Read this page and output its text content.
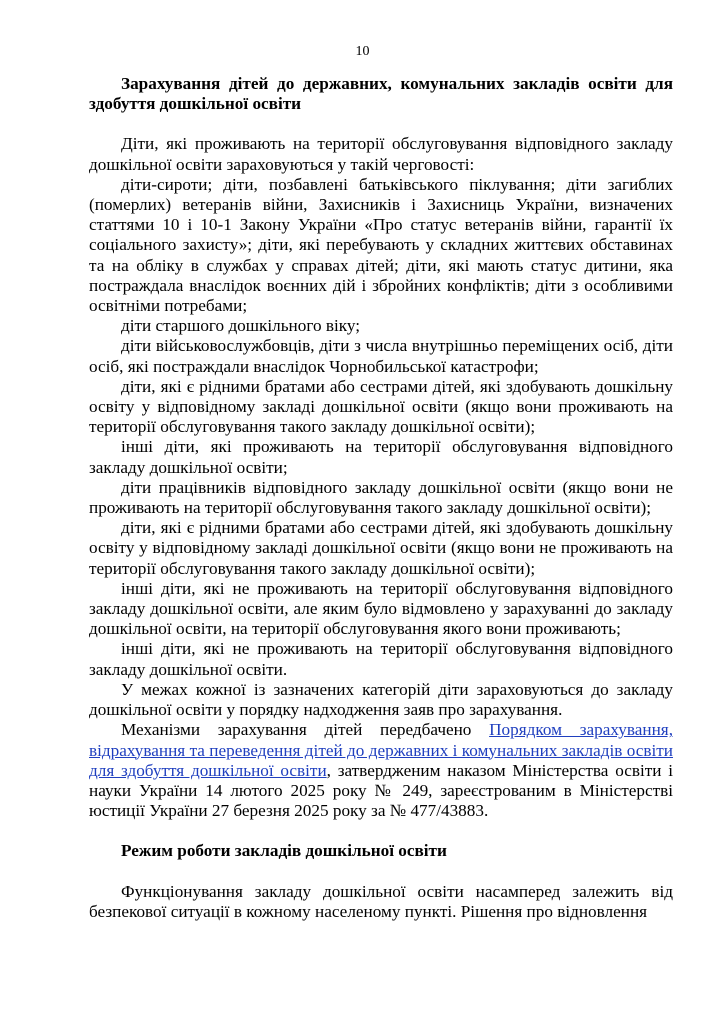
10

Зарахування дітей до державних, комунальних закладів освіти для здобуття дошкільної освіти

Діти, які проживають на території обслуговування відповідного закладу дошкільної освіти зараховуються у такій черговості:

діти-сироти; діти, позбавлені батьківського піклування; діти загиблих (померлих) ветеранів війни, Захисників і Захисниць України, визначених статтями 10 і 10-1 Закону України «Про статус ветеранів війни, гарантії їх соціального захисту»; діти, які перебувають у складних життєвих обставинах та на обліку в службах у справах дітей; діти, які мають статус дитини, яка постраждала внаслідок воєнних дій і збройних конфліктів; діти з особливими освітніми потребами;

діти старшого дошкільного віку;

діти військовослужбовців, діти з числа внутрішньо переміщених осіб, діти осіб, які постраждали внаслідок Чорнобильської катастрофи;

діти, які є рідними братами або сестрами дітей, які здобувають дошкільну освіту у відповідному закладі дошкільної освіти (якщо вони проживають на території обслуговування такого закладу дошкільної освіти);

інші діти, які проживають на території обслуговування відповідного закладу дошкільної освіти;

діти працівників відповідного закладу дошкільної освіти (якщо вони не проживають на території обслуговування такого закладу дошкільної освіти);

діти, які є рідними братами або сестрами дітей, які здобувають дошкільну освіту у відповідному закладі дошкільної освіти (якщо вони не проживають на території обслуговування такого закладу дошкільної освіти);

інші діти, які не проживають на території обслуговування відповідного закладу дошкільної освіти, але яким було відмовлено у зарахуванні до закладу дошкільної освіти, на території обслуговування якого вони проживають;

інші діти, які не проживають на території обслуговування відповідного закладу дошкільної освіти.

У межах кожної із зазначених категорій діти зараховуються до закладу дошкільної освіти у порядку надходження заяв про зарахування.

Механізми зарахування дітей передбачено Порядком зарахування, відрахування та переведення дітей до державних і комунальних закладів освіти для здобуття дошкільної освіти, затвердженим наказом Міністерства освіти і науки України 14 лютого 2025 року № 249, зареєстрованим в Міністерстві юстиції України 27 березня 2025 року за № 477/43883.

Режим роботи закладів дошкільної освіти

Функціонування закладу дошкільної освіти насамперед залежить від безпекової ситуації в кожному населеному пункті. Рішення про відновлення
